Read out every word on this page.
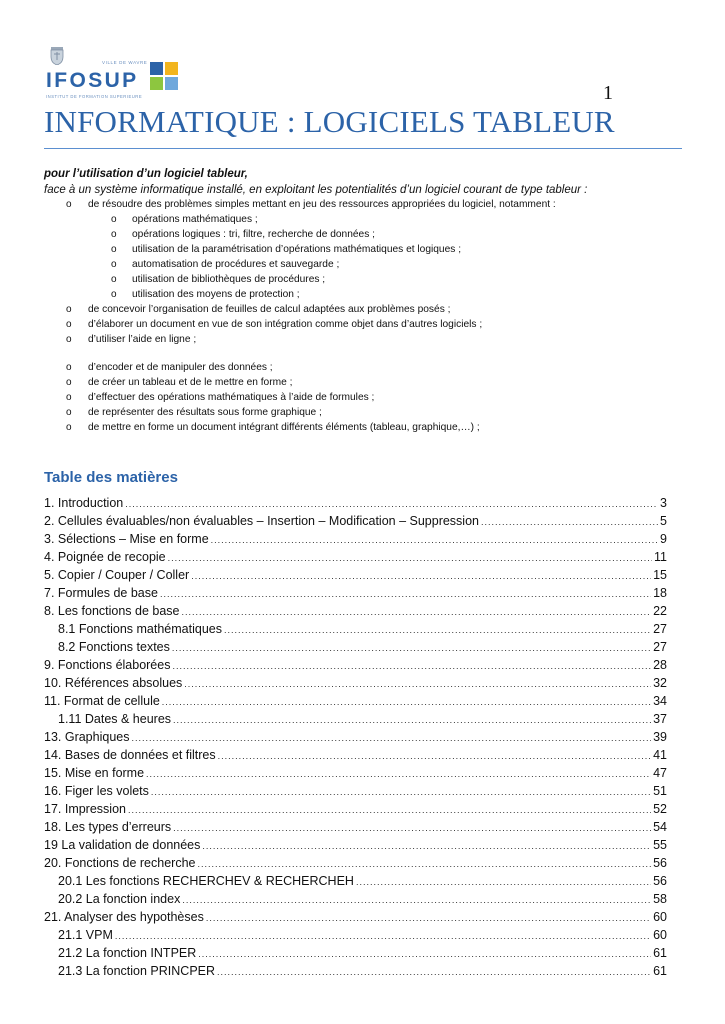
VILLE DE WAVRE
IFOSUP
INSTITUT DE FORMATION SUPERIEURE	1
INFORMATIQUE : LOGICIELS TABLEUR

pour l’utilisation d’un logiciel tableur,

face à un système informatique installé, en exploitant les potentialités d’un logiciel courant de type tableur :

o de résoudre des problèmes simples mettant en jeu des ressources appropriées du logiciel, notamment :
o opérations mathématiques ;
o opérations logiques : tri, filtre, recherche de données ;
o utilisation de la paramétrisation d’opérations mathématiques et logiques ;
o automatisation de procédures et sauvegarde ;
o utilisation de bibliothèques de procédures ;
o utilisation des moyens de protection ;
o de concevoir l’organisation de feuilles de calcul adaptées aux problèmes posés ;
o d’élaborer un document en vue de son intégration comme objet dans d’autres logiciels ;
o d’utiliser l’aide en ligne ;
o d’encoder et de manipuler des données ;
o de créer un tableau et de le mettre en forme ;
o d’effectuer des opérations mathématiques à l’aide de formules ;
o de représenter des résultats sous forme graphique ;
o de mettre en forme un document intégrant différents éléments (tableau, graphique,…) ;
Table des matières
1. Introduction .....	3
2. Cellules évaluables/non évaluables – Insertion – Modification – Suppression .....	5
3. Sélections – Mise en forme .....	9
4. Poignée de recopie .....	11
5. Copier / Couper / Coller .....	15
7. Formules de base .....	18
8. Les fonctions de base .....	22
8.1 Fonctions mathématiques .....	27
8.2 Fonctions textes .....	27
9. Fonctions élaborées .....	28
10. Références absolues .....	32
11. Format de cellule .....	34
1.11 Dates & heures .....	37
13. Graphiques .....	39
14. Bases de données et filtres .....	41
15. Mise en forme .....	47
16. Figer les volets .....	51
17. Impression .....	52
18. Les types d’erreurs .....	54
19 La validation de données .....	55
20. Fonctions de recherche .....	56
20.1 Les fonctions RECHERCHEV & RECHERCHEH .....	56
20.2 La fonction index .....	58
21. Analyser des hypothèses .....	60
21.1 VPM .....	60
21.2 La fonction INTPER .....	61
21.3 La fonction PRINCPER .....	61
